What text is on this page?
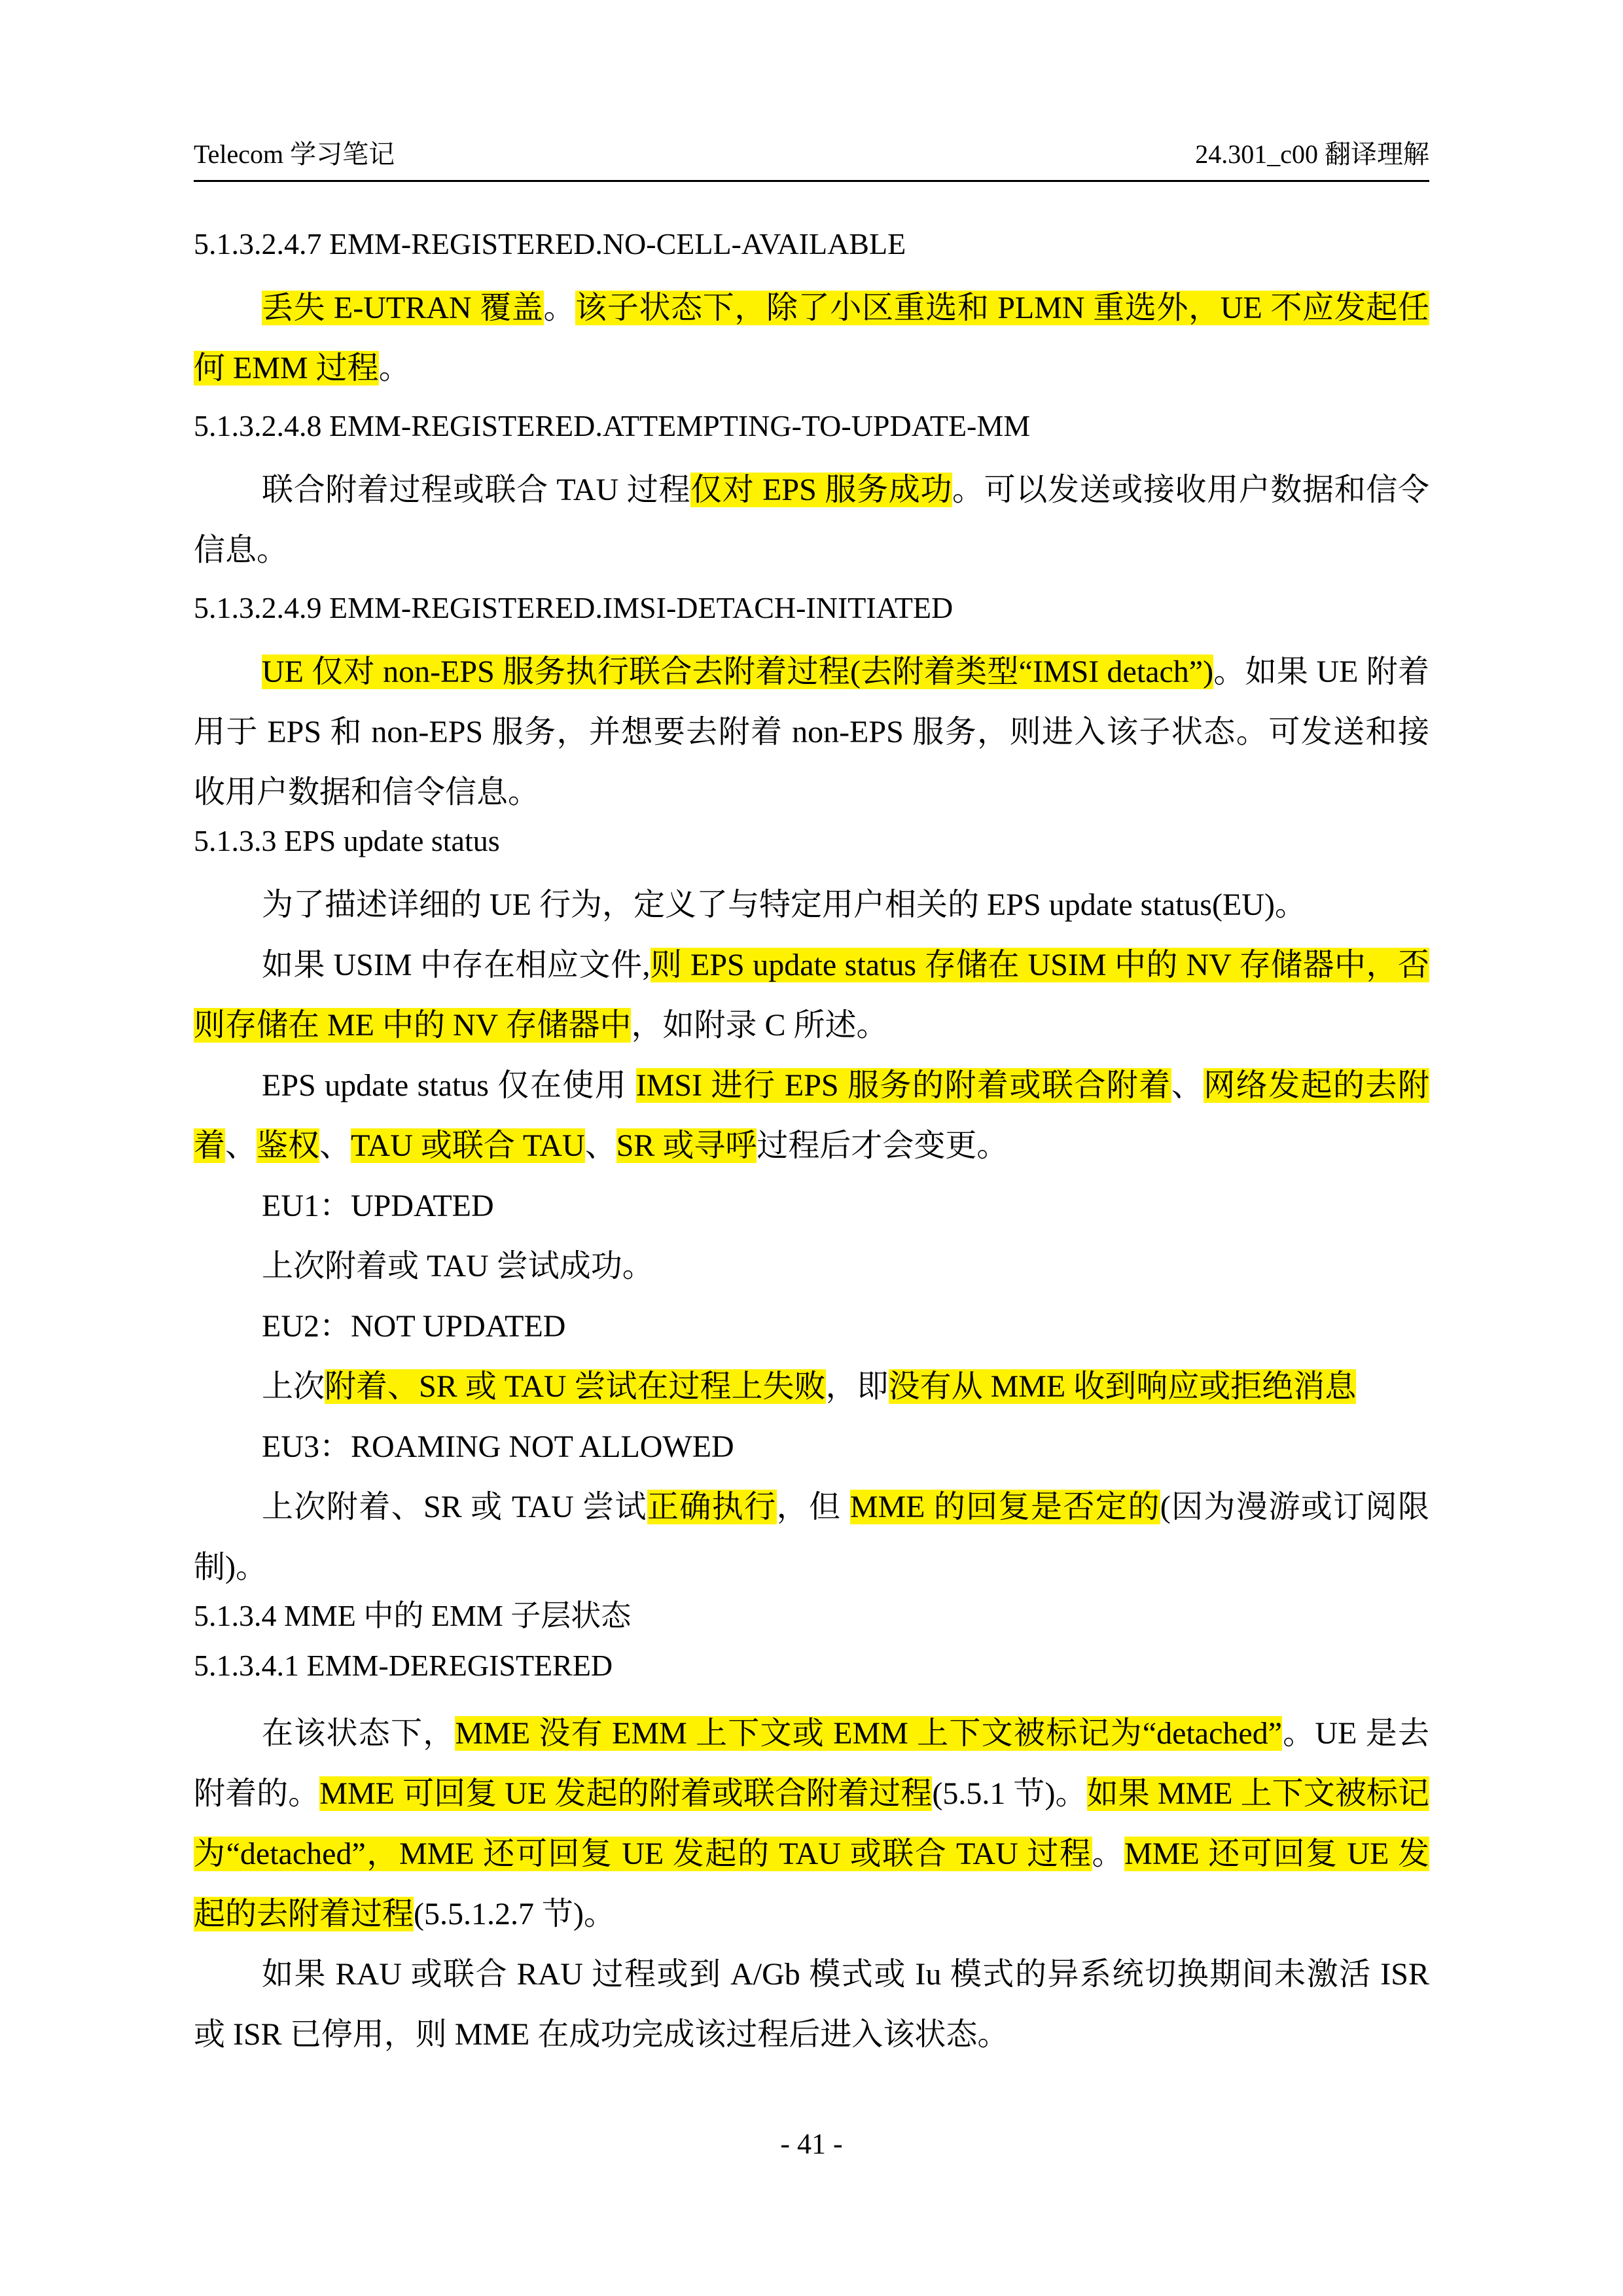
Telecom 学习笔记	24.301_c00 翻译理解
5.1.3.2.4.7 EMM-REGISTERED.NO-CELL-AVAILABLE

丢失 E-UTRAN 覆盖。该子状态下，除了小区重选和 PLMN 重选外，UE 不应发起任何 EMM 过程。

5.1.3.2.4.8 EMM-REGISTERED.ATTEMPTING-TO-UPDATE-MM

联合附着过程或联合 TAU 过程仅对 EPS 服务成功。可以发送或接收用户数据和信令信息。

5.1.3.2.4.9 EMM-REGISTERED.IMSI-DETACH-INITIATED

UE 仅对 non-EPS 服务执行联合去附着过程(去附着类型“IMSI detach”)。如果 UE 附着用于 EPS 和 non-EPS 服务，并想要去附着 non-EPS 服务，则进入该子状态。可发送和接收用户数据和信令信息。

5.1.3.3 EPS update status

为了描述详细的 UE 行为，定义了与特定用户相关的 EPS update status(EU)。

如果 USIM 中存在相应文件,则 EPS update status 存储在 USIM 中的 NV 存储器中，否则存储在 ME 中的 NV 存储器中，如附录 C 所述。

EPS update status 仅在使用 IMSI 进行 EPS 服务的附着或联合附着、网络发起的去附着、鉴权、TAU 或联合 TAU、SR 或寻呼过程后才会变更。

EU1：UPDATED

上次附着或 TAU 尝试成功。

EU2：NOT UPDATED

上次附着、SR 或 TAU 尝试在过程上失败，即没有从 MME 收到响应或拒绝消息

EU3：ROAMING NOT ALLOWED

上次附着、SR 或 TAU 尝试正确执行，但 MME 的回复是否定的(因为漫游或订阅限制)。

5.1.3.4 MME 中的 EMM 子层状态
5.1.3.4.1 EMM-DEREGISTERED

在该状态下，MME 没有 EMM 上下文或 EMM 上下文被标记为“detached”。UE 是去附着的。MME 可回复 UE 发起的附着或联合附着过程(5.5.1 节)。如果 MME 上下文被标记为“detached”，MME 还可回复 UE 发起的 TAU 或联合 TAU 过程。MME 还可回复 UE 发起的去附着过程(5.5.1.2.7 节)。

如果 RAU 或联合 RAU 过程或到 A/Gb 模式或 Iu 模式的异系统切换期间未激活 ISR 或 ISR 已停用，则 MME 在成功完成该过程后进入该状态。

- 41 -
